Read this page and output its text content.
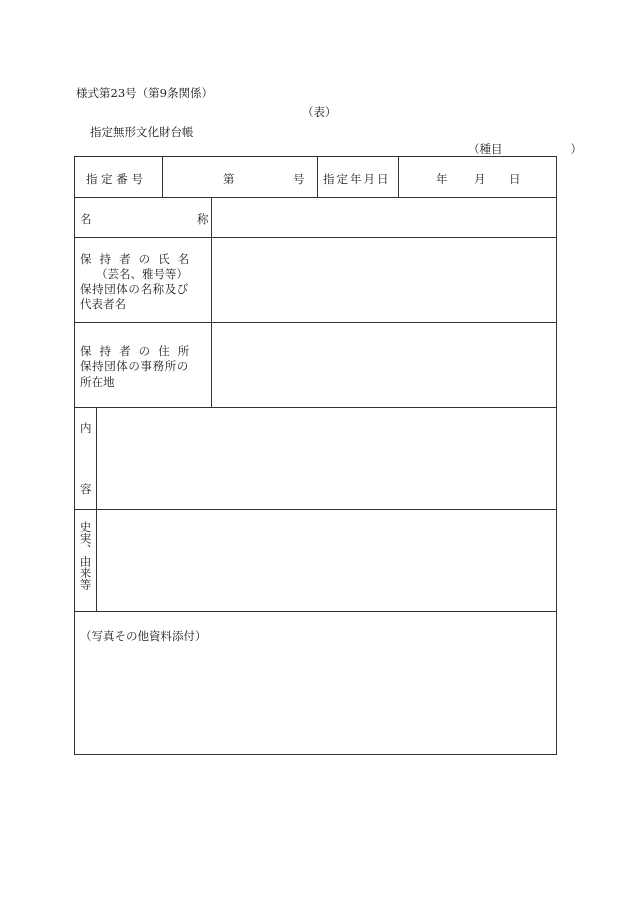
様式第23号（第9条関係）
（表）
指定無形文化財台帳
（種目	）
指 定 番 号	第	号 指定年月日	年 月 日
名	称
保 持 者 の 氏 名
（芸名、雅号等）
保持団体の名称及び
代表者名
保 持 者 の 住 所
保持団体の事務所の
所在地
内
容
史実、由来等
（写真その他資料添付）
